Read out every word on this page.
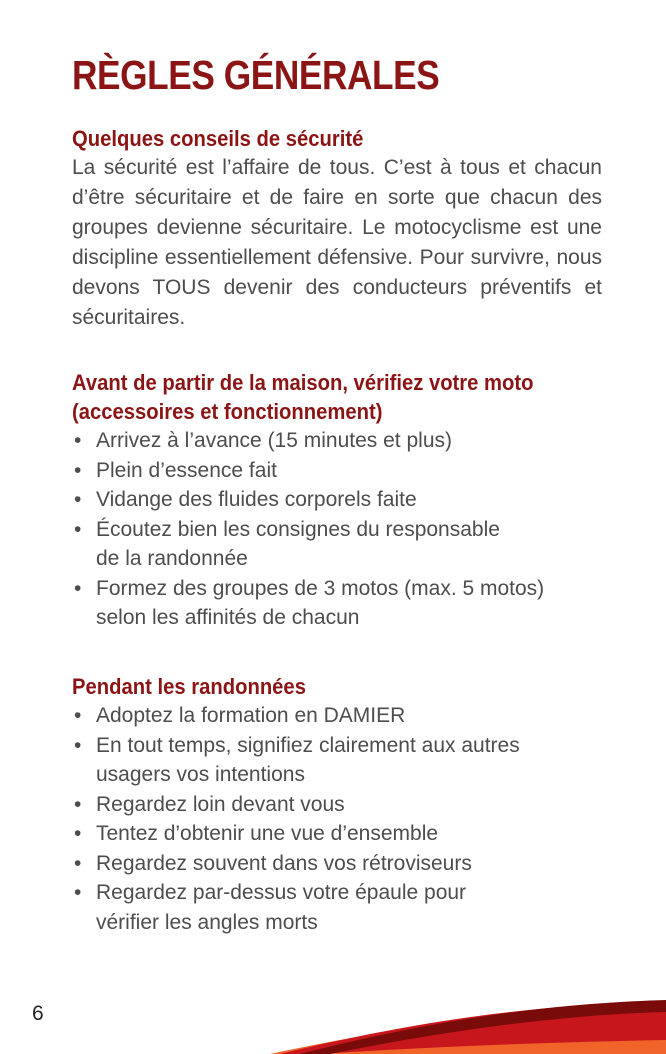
RÈGLES GÉNÉRALES
Quelques conseils de sécurité

La sécurité est l’affaire de tous. C’est à tous et chacun d’être sécuritaire et de faire en sorte que chacun des groupes devienne sécuritaire. Le motocyclisme est une discipline essentiellement défensive. Pour survivre, nous devons TOUS devenir des conducteurs préventifs et sécuritaires.

Avant de partir de la maison, vérifiez votre moto
(accessoires et fonctionnement)
• Arrivez à l’avance (15 minutes et plus)
• Plein d’essence fait
• Vidange des fluides corporels faite
• Écoutez bien les consignes du responsable
de la randonnée
• Formez des groupes de 3 motos (max. 5 motos)
selon les affinités de chacun
Pendant les randonnées
• Adoptez la formation en DAMIER
• En tout temps, signifiez clairement aux autres
usagers vos intentions
• Regardez loin devant vous
• Tentez d’obtenir une vue d’ensemble
• Regardez souvent dans vos rétroviseurs
• Regardez par-dessus votre épaule pour
vérifier les angles morts
6
